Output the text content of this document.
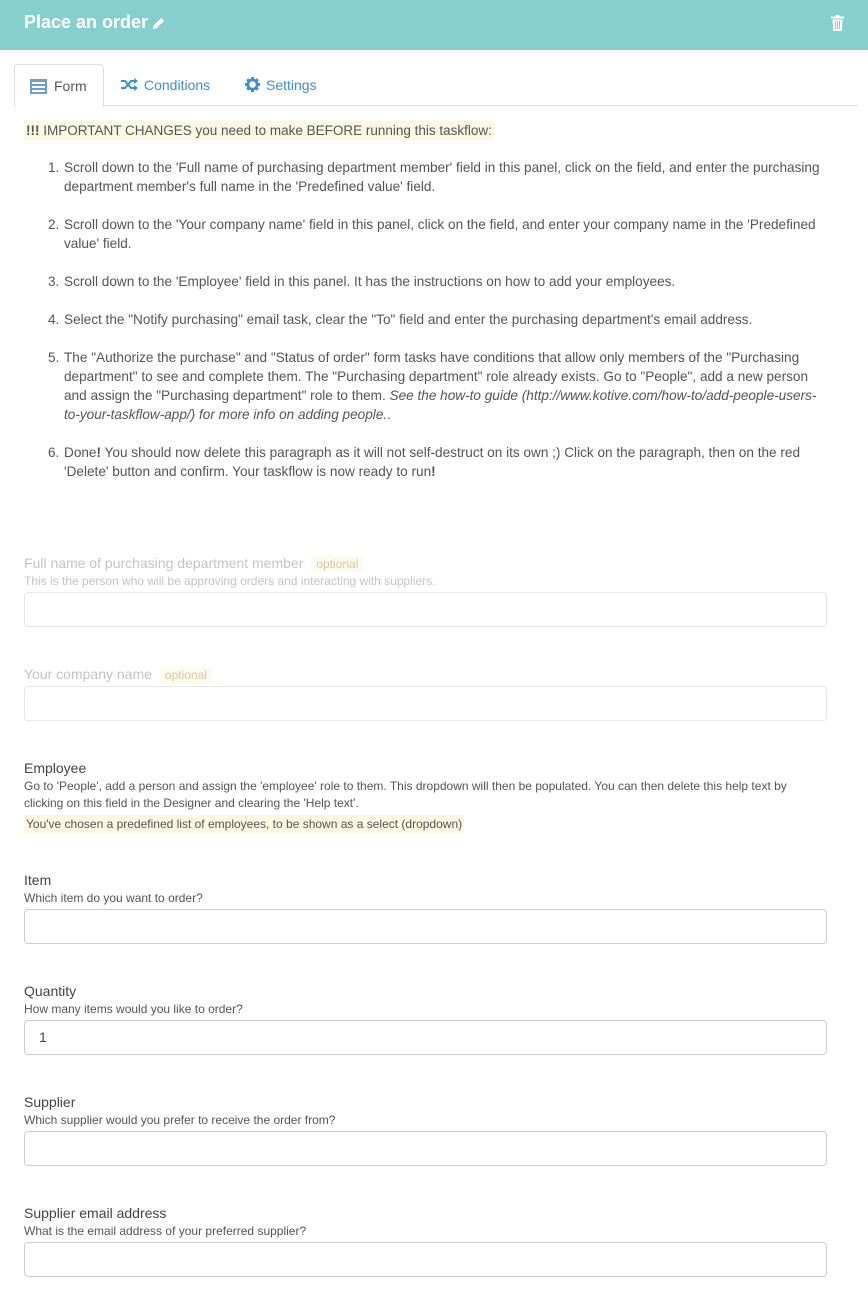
Place an order
Form	Conditions	Settings
!!! IMPORTANT CHANGES you need to make BEFORE running this taskflow:
1. Scroll down to the 'Full name of purchasing department member' field in this panel, click on the field, and enter the purchasing department member's full name in the 'Predefined value' field.
2. Scroll down to the 'Your company name' field in this panel, click on the field, and enter your company name in the 'Predefined value' field.
3. Scroll down to the 'Employee' field in this panel. It has the instructions on how to add your employees.
4. Select the "Notify purchasing" email task, clear the "To" field and enter the purchasing department's email address.
5. The "Authorize the purchase" and "Status of order" form tasks have conditions that allow only members of the "Purchasing department" to see and complete them. The "Purchasing department" role already exists. Go to "People", add a new person and assign the "Purchasing department" role to them. See the how-to guide (http://www.kotive.com/how-to/add-people-users-to-your-taskflow-app/) for more info on adding people..
6. Done! You should now delete this paragraph as it will not self-destruct on its own ;) Click on the paragraph, then on the red 'Delete' button and confirm. Your taskflow is now ready to run!
Full name of purchasing department member optional
This is the person who will be approving orders and interacting with suppliers.
Your company name optional
Employee
Go to 'People', add a person and assign the 'employee' role to them. This dropdown will then be populated. You can then delete this help text by clicking on this field in the Designer and clearing the 'Help text'.
You've chosen a predefined list of employees, to be shown as a select (dropdown)
Item
Which item do you want to order?
Quantity
How many items would you like to order?
1
Supplier
Which supplier would you prefer to receive the order from?
Supplier email address
What is the email address of your preferred supplier?
